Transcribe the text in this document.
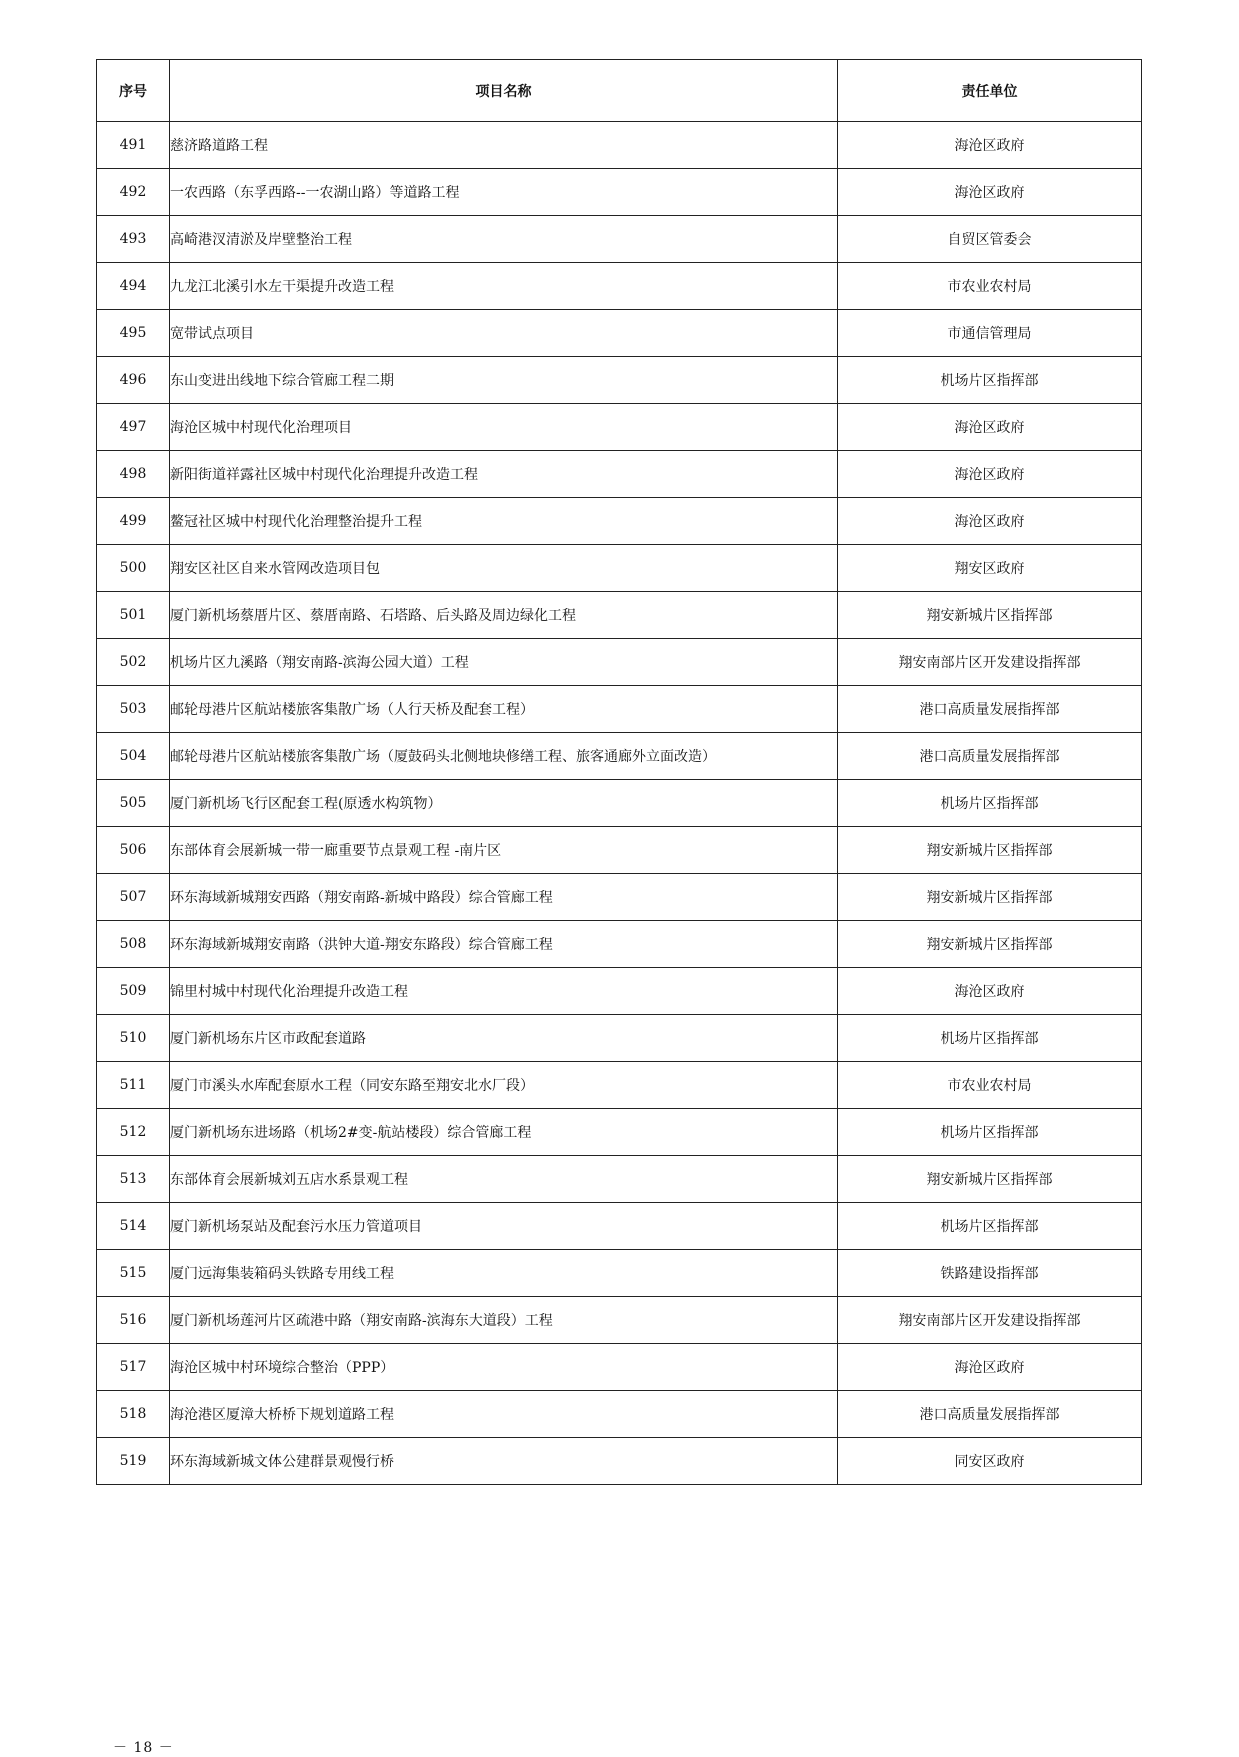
序号	项目名称	责任单位
491	慈济路道路工程	海沧区政府
492	一农西路（东孚西路--一农湖山路）等道路工程	海沧区政府
493	高崎港汊清淤及岸壁整治工程	自贸区管委会
494	九龙江北溪引水左干渠提升改造工程	市农业农村局
495	宽带试点项目	市通信管理局
496	东山变进出线地下综合管廊工程二期	机场片区指挥部
497	海沧区城中村现代化治理项目	海沧区政府
498	新阳街道祥露社区城中村现代化治理提升改造工程	海沧区政府
499	鳌冠社区城中村现代化治理整治提升工程	海沧区政府
500	翔安区社区自来水管网改造项目包	翔安区政府
501	厦门新机场蔡厝片区、蔡厝南路、石塔路、后头路及周边绿化工程	翔安新城片区指挥部
502	机场片区九溪路（翔安南路-滨海公园大道）工程	翔安南部片区开发建设指挥部
503	邮轮母港片区航站楼旅客集散广场（人行天桥及配套工程）	港口高质量发展指挥部
504	邮轮母港片区航站楼旅客集散广场（厦鼓码头北侧地块修缮工程、旅客通廊外立面改造）	港口高质量发展指挥部
505	厦门新机场飞行区配套工程(原透水构筑物）	机场片区指挥部
506	东部体育会展新城一带一廊重要节点景观工程 -南片区	翔安新城片区指挥部
507	环东海域新城翔安西路（翔安南路-新城中路段）综合管廊工程	翔安新城片区指挥部
508	环东海域新城翔安南路（洪钟大道-翔安东路段）综合管廊工程	翔安新城片区指挥部
509	锦里村城中村现代化治理提升改造工程	海沧区政府
510	厦门新机场东片区市政配套道路	机场片区指挥部
511	厦门市溪头水库配套原水工程（同安东路至翔安北水厂段）	市农业农村局
512	厦门新机场东进场路（机场2#变-航站楼段）综合管廊工程	机场片区指挥部
513	东部体育会展新城刘五店水系景观工程	翔安新城片区指挥部
514	厦门新机场泵站及配套污水压力管道项目	机场片区指挥部
515	厦门远海集装箱码头铁路专用线工程	铁路建设指挥部
516	厦门新机场莲河片区疏港中路（翔安南路-滨海东大道段）工程	翔安南部片区开发建设指挥部
517	海沧区城中村环境综合整治（PPP）	海沧区政府
518	海沧港区厦漳大桥桥下规划道路工程	港口高质量发展指挥部
519	环东海域新城文体公建群景观慢行桥	同安区政府
－ 18 －
